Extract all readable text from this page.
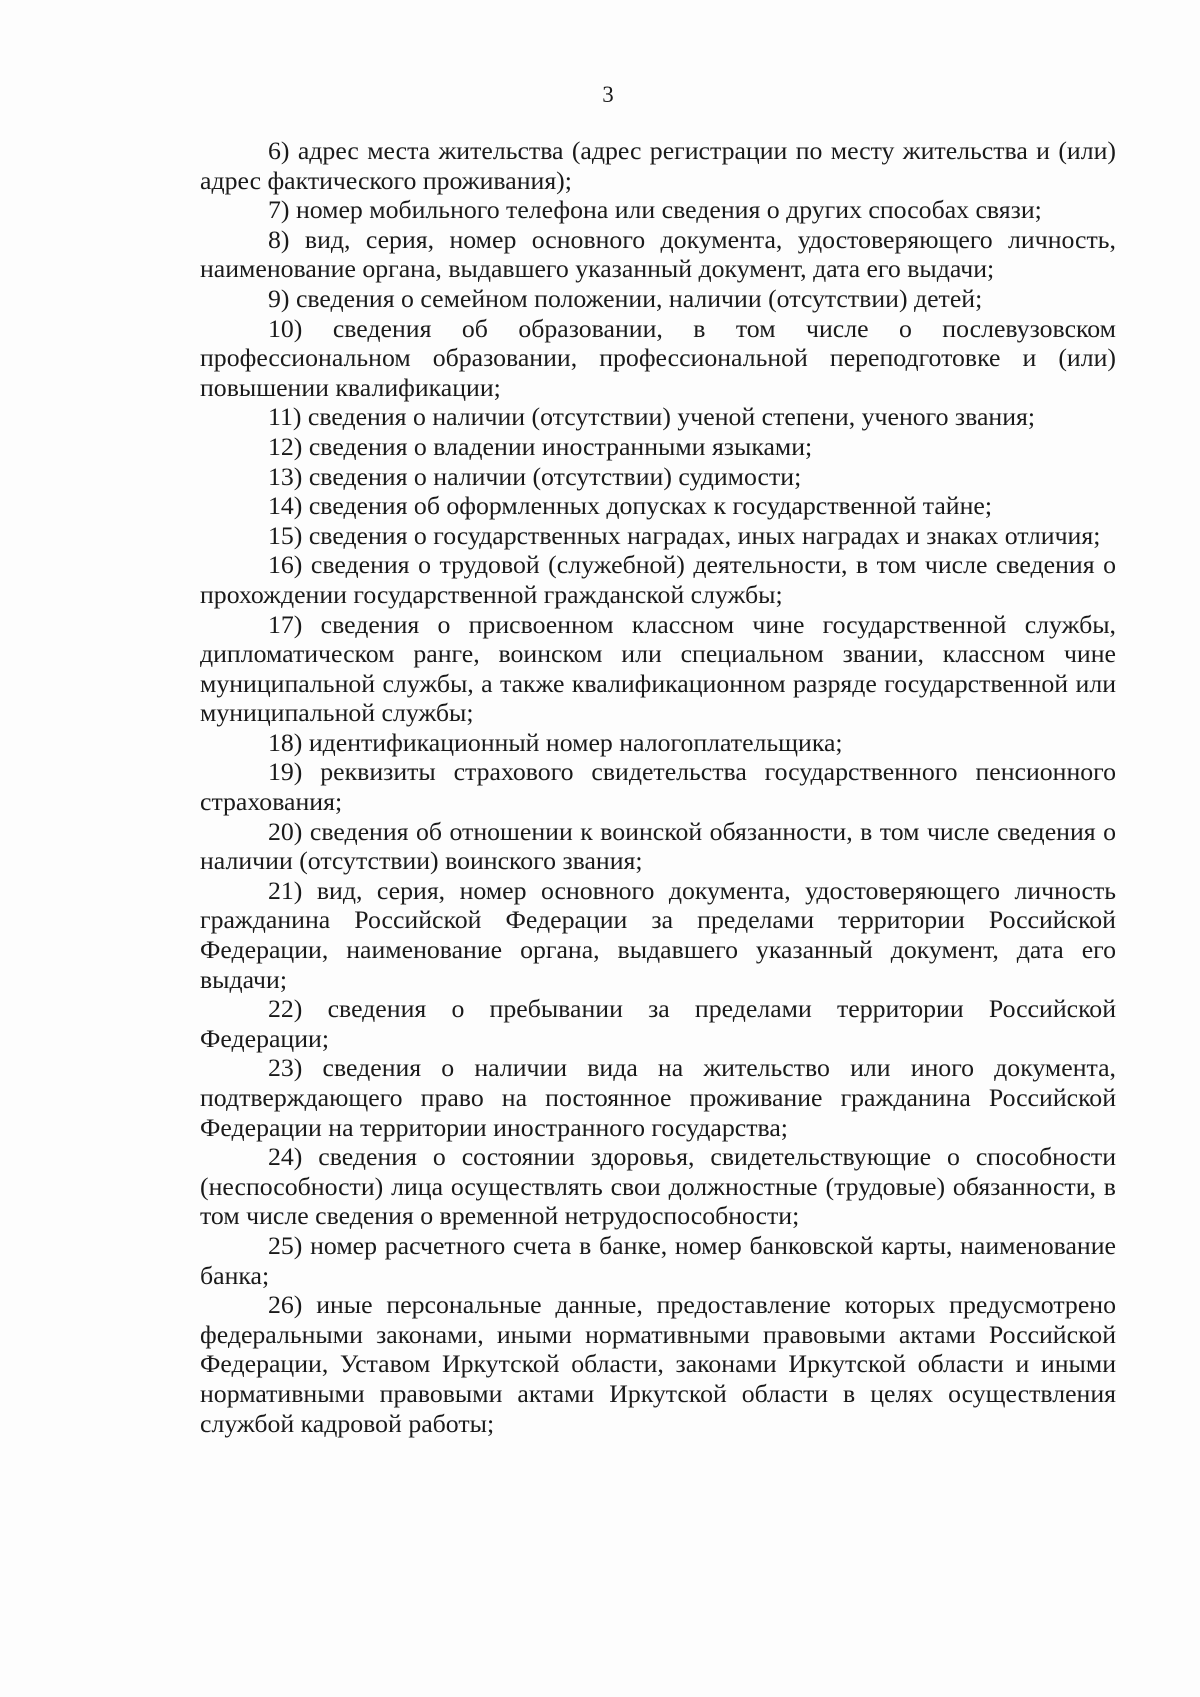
3

6) адрес места жительства (адрес регистрации по месту жительства и (или) адрес фактического проживания);

7) номер мобильного телефона или сведения о других способах связи;

8) вид, серия, номер основного документа, удостоверяющего личность, наименование органа, выдавшего указанный документ, дата его выдачи;

9) сведения о семейном положении, наличии (отсутствии) детей;

10) сведения об образовании, в том числе о послевузовском профессиональном образовании, профессиональной переподготовке и (или) повышении квалификации;

11) сведения о наличии (отсутствии) ученой степени, ученого звания;

12) сведения о владении иностранными языками;

13) сведения о наличии (отсутствии) судимости;

14) сведения об оформленных допусках к государственной тайне;

15) сведения о государственных наградах, иных наградах и знаках отличия;

16) сведения о трудовой (служебной) деятельности, в том числе сведения о прохождении государственной гражданской службы;

17) сведения о присвоенном классном чине государственной службы, дипломатическом ранге, воинском или специальном звании, классном чине муниципальной службы, а также квалификационном разряде государственной или муниципальной службы;

18) идентификационный номер налогоплательщика;

19) реквизиты страхового свидетельства государственного пенсионного страхования;

20) сведения об отношении к воинской обязанности, в том числе сведения о наличии (отсутствии) воинского звания;

21) вид, серия, номер основного документа, удостоверяющего личность гражданина Российской Федерации за пределами территории Российской Федерации, наименование органа, выдавшего указанный документ, дата его выдачи;

22) сведения о пребывании за пределами территории Российской Федерации;

23) сведения о наличии вида на жительство или иного документа, подтверждающего право на постоянное проживание гражданина Российской Федерации на территории иностранного государства;

24) сведения о состоянии здоровья, свидетельствующие о способности (неспособности) лица осуществлять свои должностные (трудовые) обязанности, в том числе сведения о временной нетрудоспособности;

25) номер расчетного счета в банке, номер банковской карты, наименование банка;

26) иные персональные данные, предоставление которых предусмотрено федеральными законами, иными нормативными правовыми актами Российской Федерации, Уставом Иркутской области, законами Иркутской области и иными нормативными правовыми актами Иркутской области в целях осуществления службой кадровой работы;
